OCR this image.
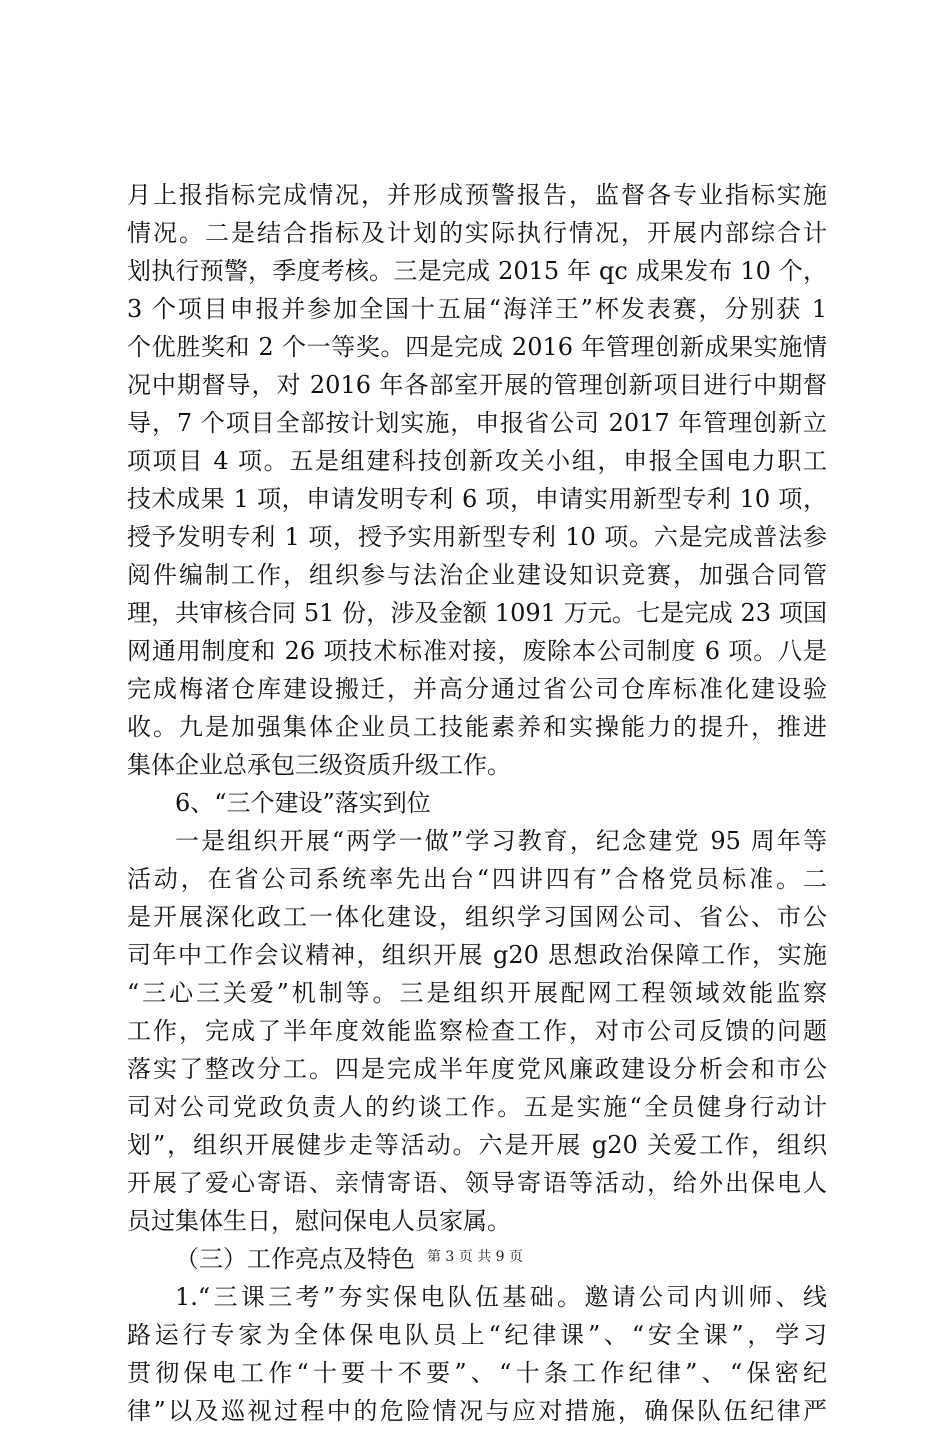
月上报指标完成情况，并形成预警报告，监督各专业指标实施
情况。二是结合指标及计划的实际执行情况，开展内部综合计
划执行预警，季度考核。三是完成 2015 年 qc 成果发布 10 个，
3 个项目申报并参加全国十五届“海洋王”杯发表赛，分别获 1
个优胜奖和 2 个一等奖。四是完成 2016 年管理创新成果实施情
况中期督导，对 2016 年各部室开展的管理创新项目进行中期督
导，7 个项目全部按计划实施，申报省公司 2017 年管理创新立
项项目 4 项。五是组建科技创新攻关小组，申报全国电力职工
技术成果 1 项，申请发明专利 6 项，申请实用新型专利 10 项，
授予发明专利 1 项，授予实用新型专利 10 项。六是完成普法参
阅件编制工作，组织参与法治企业建设知识竞赛，加强合同管
理，共审核合同 51 份，涉及金额 1091 万元。七是完成 23 项国
网通用制度和 26 项技术标准对接，废除本公司制度 6 项。八是
完成梅渚仓库建设搬迁，并高分通过省公司仓库标准化建设验
收。九是加强集体企业员工技能素养和实操能力的提升，推进
集体企业总承包三级资质升级工作。
6、“三个建设”落实到位
一是组织开展“两学一做”学习教育，纪念建党 95 周年等
活动，在省公司系统率先出台“四讲四有”合格党员标准。二
是开展深化政工一体化建设，组织学习国网公司、省公、市公
司年中工作会议精神，组织开展 g20 思想政治保障工作，实施
“三心三关爱”机制等。三是组织开展配网工程领域效能监察
工作，完成了半年度效能监察检查工作，对市公司反馈的问题
落实了整改分工。四是完成半年度党风廉政建设分析会和市公
司对公司党政负责人的约谈工作。五是实施“全员健身行动计
划”，组织开展健步走等活动。六是开展 g20 关爱工作，组织
开展了爱心寄语、亲情寄语、领导寄语等活动，给外出保电人
员过集体生日，慰问保电人员家属。
（三）工作亮点及特色
1.“三课三考”夯实保电队伍基础。邀请公司内训师、线
路运行专家为全体保电队员上“纪律课”、“安全课”，学习
贯彻保电工作“十要十不要”、“十条工作纪律”、“保密纪
律”以及巡视过程中的危险情况与应对措施，确保队伍纪律严
第 3 页 共 9 页
